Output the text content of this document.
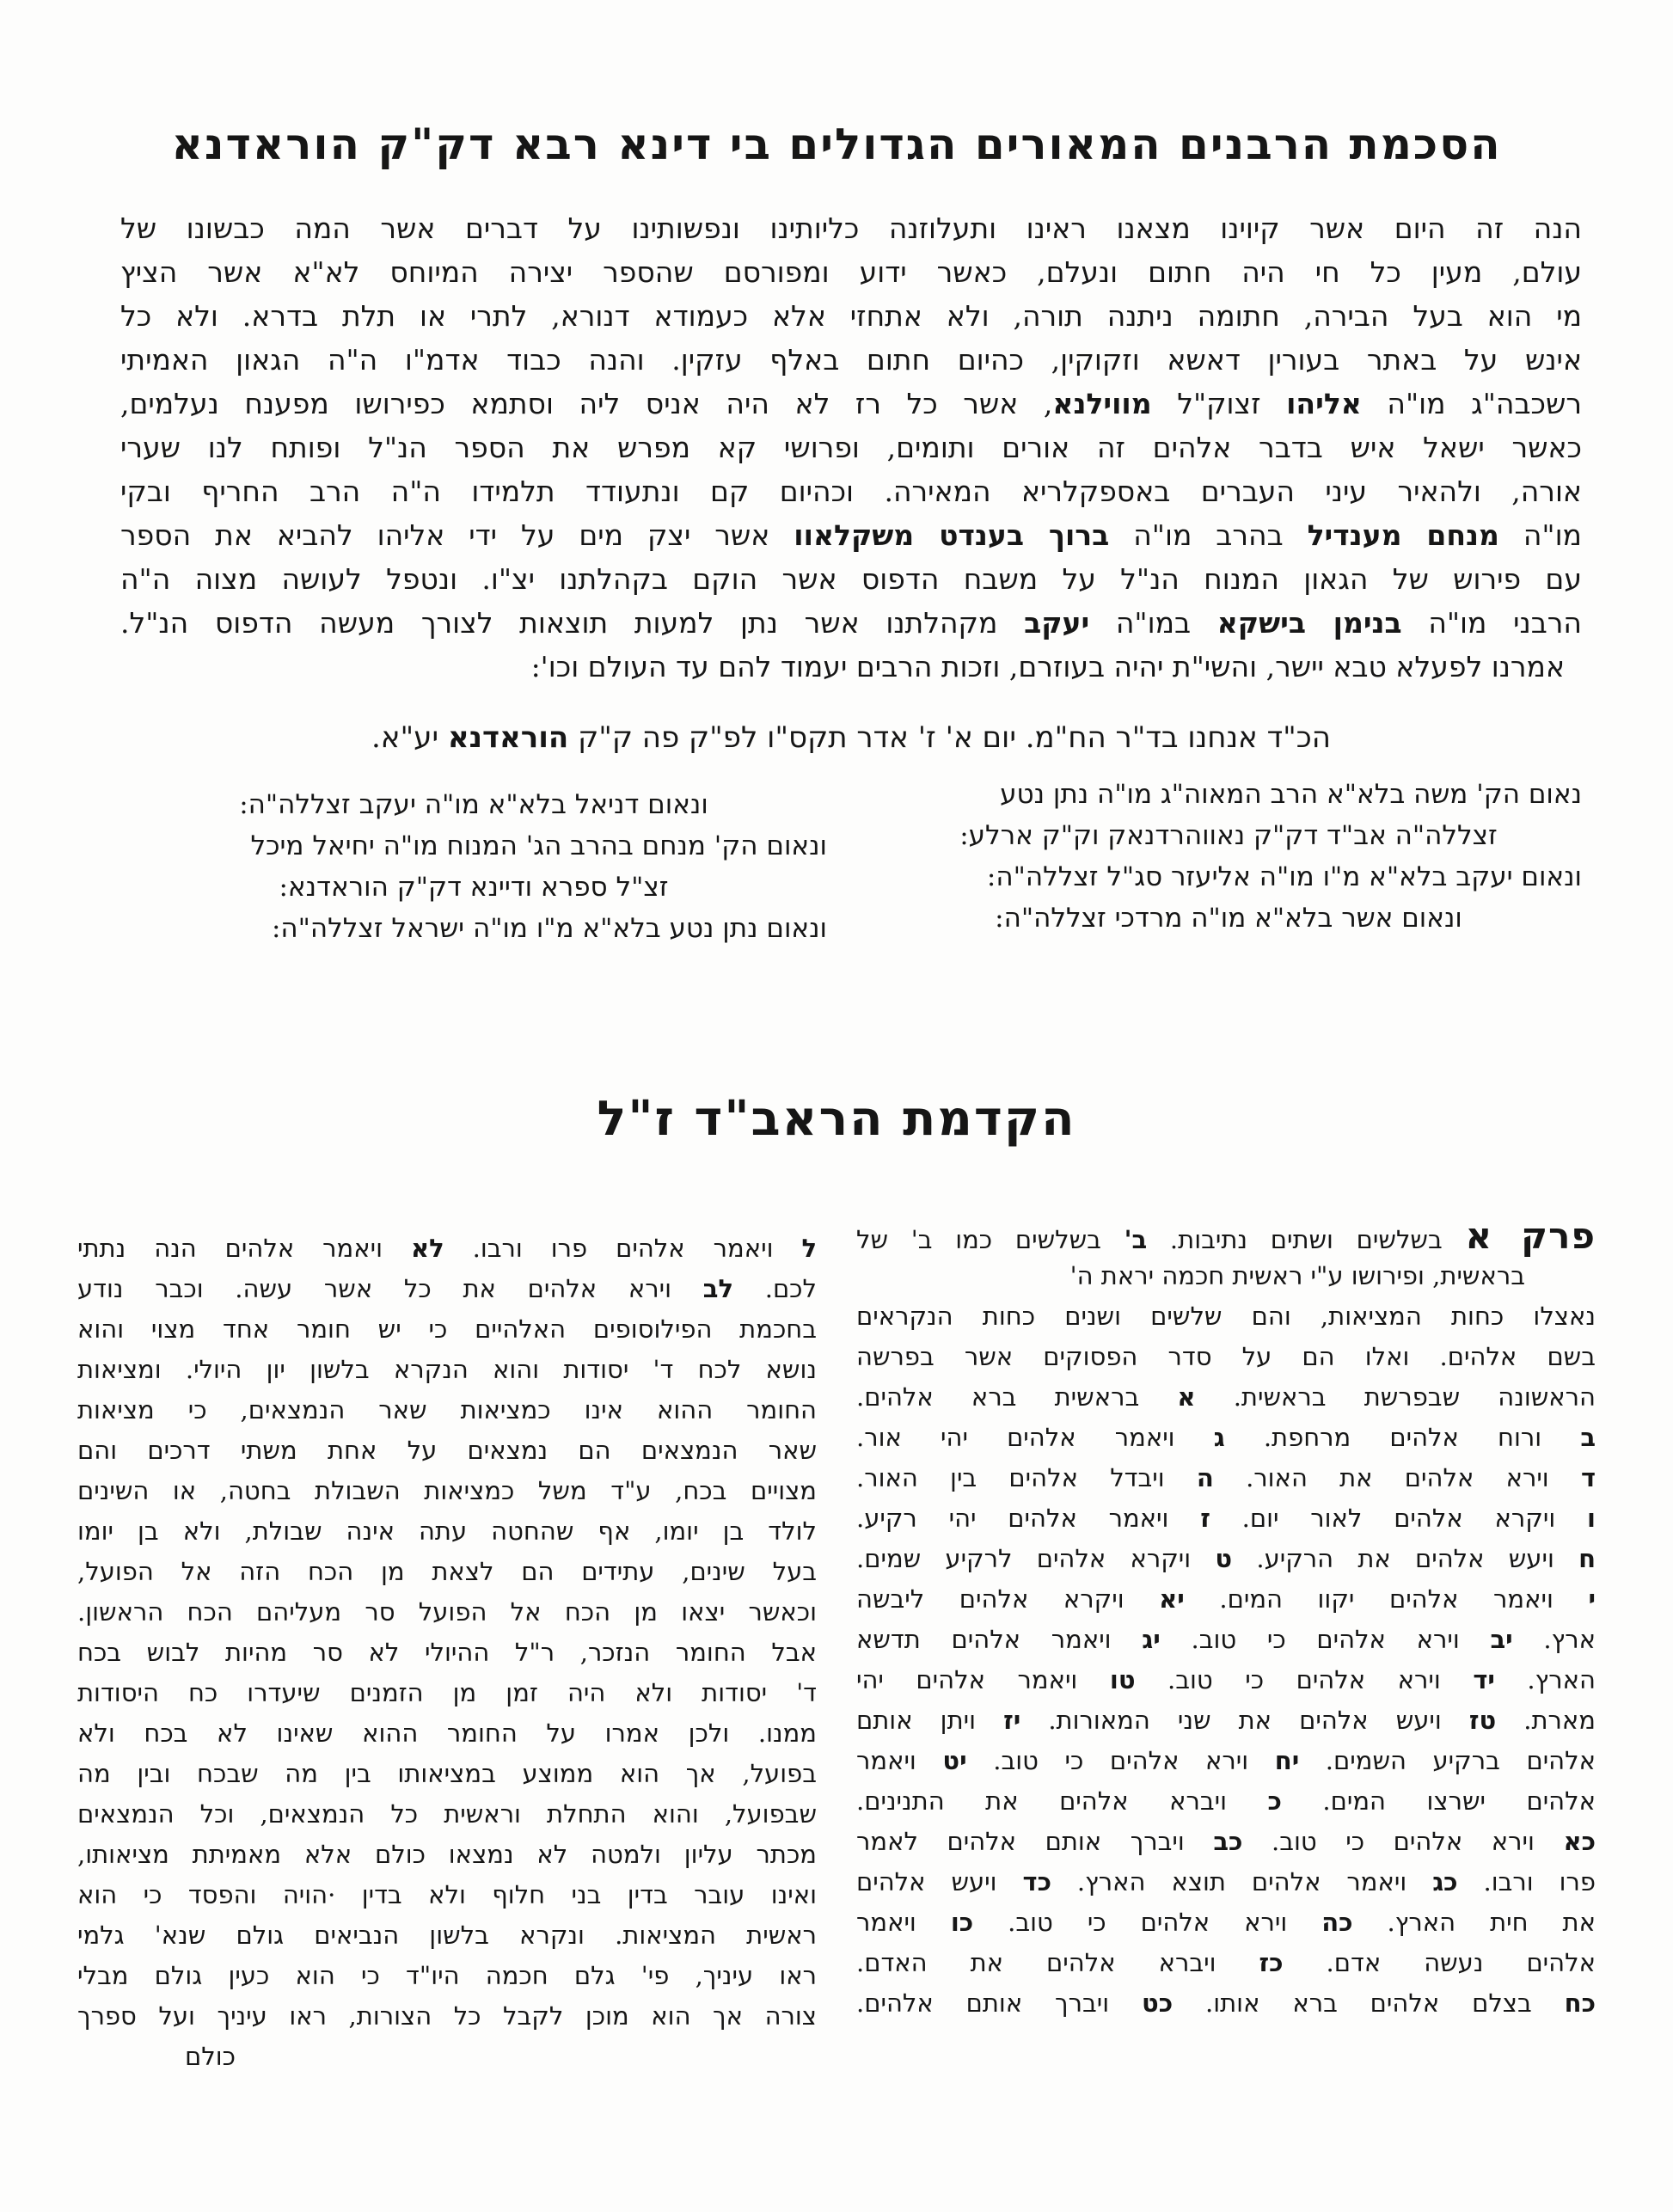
הסכמת הרבנים המאורים הגדולים בי דינא רבא דק"ק הוראדנא
הנה זה היום אשר קיוינו מצאנו ראינו ותעלוזנה כליותינו ונפשותינו על דברים אשר המה כבשונו של
עולם, מעין כל חי היה חתום ונעלם, כאשר ידוע ומפורסם שהספר יצירה המיוחס לא"א אשר הציץ
מי הוא בעל הבירה, חתומה ניתנה תורה, ולא אתחזי אלא כעמודא דנורא, לתרי או תלת בדרא. ולא כל
אינש על באתר בעורין דאשא וזקוקין, כהיום חתום באלף עזקין. והנה כבוד אדמ"ו ה"ה הגאון האמיתי
רשכבה"ג מו"ה אליהו זצוק"ל מווילנא, אשר כל רז לא היה אניס ליה וסתמא כפירושו מפענח נעלמים,
כאשר ישאל איש בדבר אלהים זה אורים ותומים, ופרושי קא מפרש את הספר הנ"ל ופותח לנו שערי
אורה, ולהאיר עיני העברים באספקלריא המאירה. וכהיום קם ונתעודד תלמידו ה"ה הרב החריף ובקי
מו"ה מנחם מענדיל בהרב מו"ה ברוך בענדט משקלאוו אשר יצק מים על ידי אליהו להביא את הספר
עם פירוש של הגאון המנוח הנ"ל על משבח הדפוס אשר הוקם בקהלתנו יצ"ו. ונטפל לעושה מצוה ה"ה
הרבני מו"ה בנימן בישקא במו"ה יעקב מקהלתנו אשר נתן למעות תוצאות לצורך מעשה הדפוס הנ"ל.
אמרנו לפעלא טבא יישר, והשי"ת יהיה בעוזרם, וזכות הרבים יעמוד להם עד העולם וכו':
הכ"ד אנחנו בד"ר הח"מ. יום א' ז' אדר תקס"ו לפ"ק פה ק"ק הוראדנא יע"א.
נאום הק' משה בלא"א הרב המאוה"ג מו"ה נתן נטע
זצללה"ה אב"ד דק"ק נאווהרדנאק וק"ק ארלע:
ונאום יעקב בלא"א מ"ו מו"ה אליעזר סג"ל זצללה"ה:
ונאום אשר בלא"א מו"ה מרדכי זצללה"ה:
ונאום דניאל בלא"א מו"ה יעקב זצללה"ה:
ונאום הק' מנחם בהרב הג' המנוח מו"ה יחיאל מיכל
זצ"ל ספרא ודיינא דק"ק הוראדנא:
ונאום נתן נטע בלא"א מ"ו מו"ה ישראל זצללה"ה:
הקדמת הראב"ד ז"ל
פרק א בשלשים ושתים נתיבות. ב' בשלשים כמו ב' של
בראשית, ופירושו ע"י ראשית חכמה יראת ה'
נאצלו כחות המציאות, והם שלשים ושנים כחות הנקראים
בשם אלהים. ואלו הם על סדר הפסוקים אשר בפרשה
הראשונה שבפרשת בראשית. א בראשית ברא אלהים.
ב ורוח אלהים מרחפת. ג ויאמר אלהים יהי אור.
ד וירא אלהים את האור. ה ויבדל אלהים בין האור.
ו ויקרא אלהים לאור יום. ז ויאמר אלהים יהי רקיע.
ח ויעש אלהים את הרקיע. ט ויקרא אלהים לרקיע שמים.
י ויאמר אלהים יקוו המים. יא ויקרא אלהים ליבשה
ארץ. יב וירא אלהים כי טוב. יג ויאמר אלהים תדשא
הארץ. יד וירא אלהים כי טוב. טו ויאמר אלהים יהי
מארת. טז ויעש אלהים את שני המאורות. יז ויתן אותם
אלהים ברקיע השמים. יח וירא אלהים כי טוב. יט ויאמר
אלהים ישרצו המים. כ ויברא אלהים את התנינים.
כא וירא אלהים כי טוב. כב ויברך אותם אלהים לאמר
פרו ורבו. כג ויאמר אלהים תוצא הארץ. כד ויעש אלהים
את חית הארץ. כה וירא אלהים כי טוב. כו ויאמר
אלהים נעשה אדם. כז ויברא אלהים את האדם.
כח בצלם אלהים ברא אותו. כט ויברך אותם אלהים.
ל ויאמר אלהים פרו ורבו. לא ויאמר אלהים הנה נתתי
לכם. לב וירא אלהים את כל אשר עשה. וכבר נודע
בחכמת הפילוסופים האלהיים כי יש חומר אחד מצוי והוא
נושא לכח ד' יסודות והוא הנקרא בלשון יון היולי. ומציאות
החומר ההוא אינו כמציאות שאר הנמצאים, כי מציאות
שאר הנמצאים הם נמצאים על אחת משתי דרכים והם
מצויים בכח, ע"ד משל כמציאות השבולת בחטה, או השינים
לולד בן יומו, אף שהחטה עתה אינה שבולת, ולא בן יומו
בעל שינים, עתידים הם לצאת מן הכח הזה אל הפועל,
וכאשר יצאו מן הכח אל הפועל סר מעליהם הכח הראשון.
אבל החומר הנזכר, ר"ל ההיולי לא סר מהיות לבוש בכח
ד' יסודות ולא היה זמן מן הזמנים שיעדרו כח היסודות
ממנו. ולכן אמרו על החומר ההוא שאינו לא בכח ולא
בפועל, אך הוא ממוצע במציאותו בין מה שבכח ובין מה
שבפועל, והוא התחלת וראשית כל הנמצאים, וכל הנמצאים
מכתר עליון ולמטה לא נמצאו כולם אלא מאמיתת מציאותו,
ואינו עובר בדין בני חלוף ולא בדין ·הויה והפסד כי הוא
ראשית המציאות. ונקרא בלשון הנביאים גולם שנא' גלמי
ראו עיניך, פי' גלם חכמה היו"ד כי הוא כעין גולם מבלי
צורה אך הוא מוכן לקבל כל הצורות, ראו עיניך ועל ספרך
כולם
